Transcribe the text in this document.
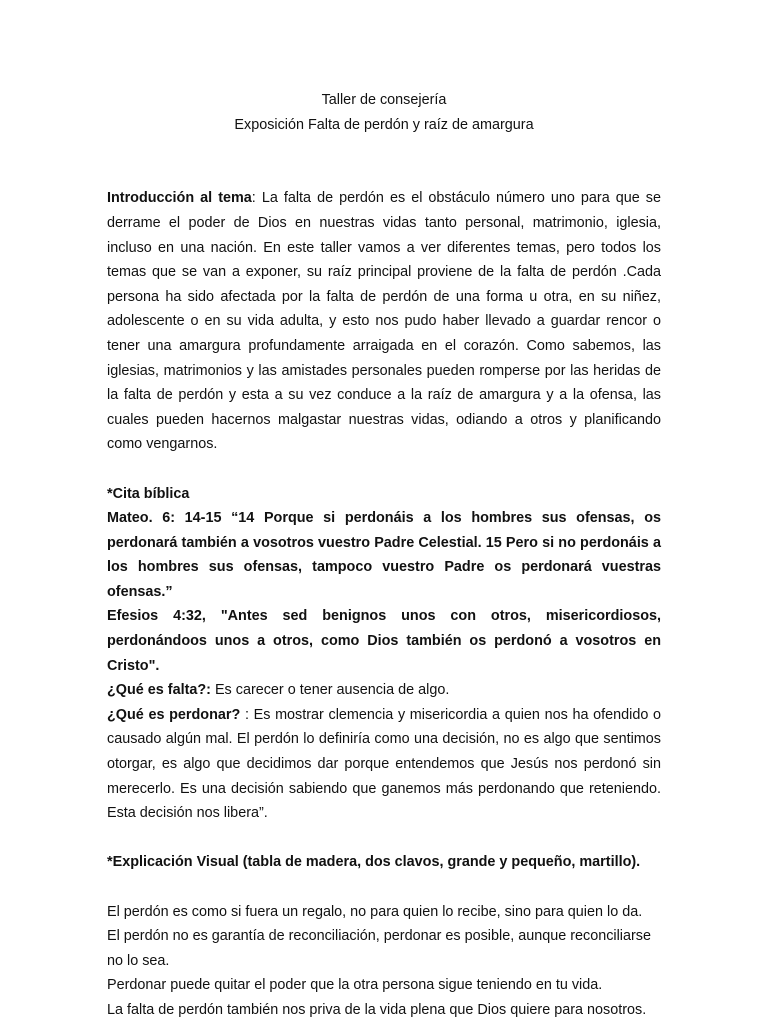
Taller de consejería

Exposición Falta de perdón y raíz de amargura

Introducción al tema: La falta de perdón es el obstáculo número uno para que se derrame el poder de Dios en nuestras vidas tanto personal, matrimonio, iglesia, incluso en una nación. En este taller vamos a ver diferentes temas, pero todos los temas que se van a exponer, su raíz principal proviene de la falta de perdón .Cada persona ha sido afectada por la falta de perdón de una forma u otra, en su niñez, adolescente o en su vida adulta, y esto nos pudo haber llevado a guardar rencor o tener una amargura profundamente arraigada en el corazón. Como sabemos, las iglesias, matrimonios y las amistades personales pueden romperse por las heridas de la falta de perdón y esta a su vez conduce a la raíz de amargura y a la ofensa, las cuales pueden hacernos malgastar nuestras vidas, odiando a otros y planificando como vengarnos.

*Cita bíblica

Mateo. 6: 14-15 “14 Porque si perdonáis a los hombres sus ofensas, os perdonará también a vosotros vuestro Padre Celestial. 15 Pero si no perdonáis a los hombres sus ofensas, tampoco vuestro Padre os perdonará vuestras ofensas.”

Efesios 4:32, "Antes sed benignos unos con otros, misericordiosos, perdonándoos unos a otros, como Dios también os perdonó a vosotros en Cristo".

¿Qué es falta?: Es carecer o tener ausencia de algo.

¿Qué es perdonar? : Es mostrar clemencia y misericordia a quien nos ha ofendido o causado algún mal. El perdón lo definiría como una decisión, no es algo que sentimos otorgar, es algo que decidimos dar porque entendemos que Jesús nos perdonó sin merecerlo. Es una decisión sabiendo que ganemos más perdonando que reteniendo. Esta decisión nos libera”.

*Explicación Visual (tabla de madera, dos clavos, grande y pequeño, martillo).

El perdón es como si fuera un regalo, no para quien lo recibe, sino para quien lo da.

El perdón no es garantía de reconciliación, perdonar es posible, aunque reconciliarse no lo sea.

Perdonar puede quitar el poder que la otra persona sigue teniendo en tu vida.

La falta de perdón también nos priva de la vida plena que Dios quiere para nosotros.
